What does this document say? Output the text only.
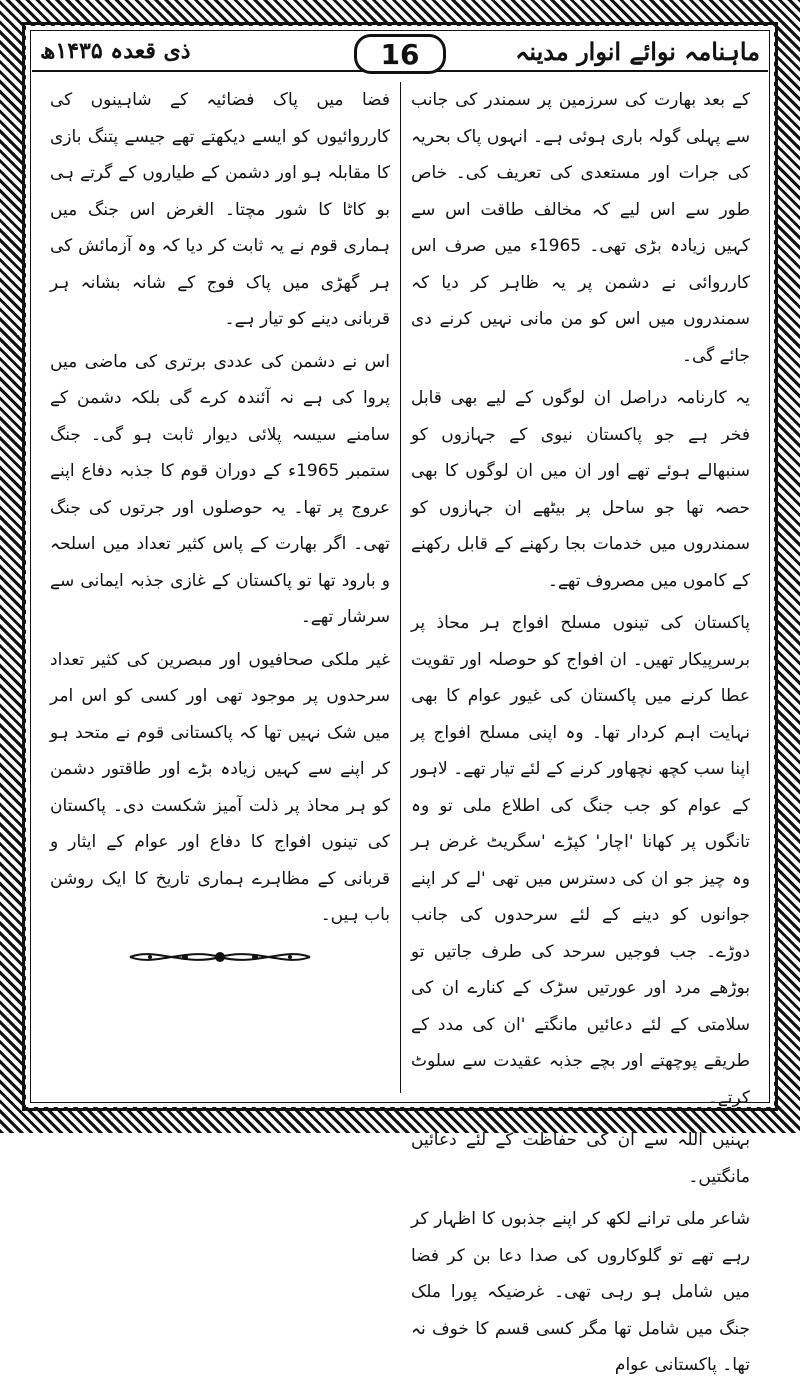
ماہنامہ نوائے انوار مدینہ
ذی قعدہ ۱۴۳۵ھ	16

کے بعد بھارت کی سرزمین پر سمندر کی جانب سے پہلی گولہ باری ہوئی ہے۔ انہوں پاک بحریہ کی جرات اور مستعدی کی تعریف کی۔ خاص طور سے اس لیے کہ مخالف طاقت اس سے کہیں زیادہ بڑی تھی۔ 1965ء میں صرف اس کارروائی نے دشمن پر یہ ظاہر کر دیا کہ سمندروں میں اس کو من مانی نہیں کرنے دی جائے گی۔

یہ کارنامہ دراصل ان لوگوں کے لیے بھی قابل فخر ہے جو پاکستان نیوی کے جہازوں کو سنبھالے ہوئے تھے اور ان میں ان لوگوں کا بھی حصہ تھا جو ساحل پر بیٹھے ان جہازوں کو سمندروں میں خدمات بجا رکھنے کے قابل رکھنے کے کاموں میں مصروف تھے۔

پاکستان کی تینوں مسلح افواج ہر محاذ پر برسرپیکار تھیں۔ ان افواج کو حوصلہ اور تقویت عطا کرنے میں پاکستان کی غیور عوام کا بھی نہایت اہم کردار تھا۔ وہ اپنی مسلح افواج پر اپنا سب کچھ نچھاور کرنے کے لئے تیار تھے۔ لاہور کے عوام کو جب جنگ کی اطلاع ملی تو وہ تانگوں پر کھانا 'اچار' کپڑے 'سگریٹ غرض ہر وہ چیز جو ان کی دسترس میں تھی 'لے کر اپنے جوانوں کو دینے کے لئے سرحدوں کی جانب دوڑے۔ جب فوجیں سرحد کی طرف جاتیں تو بوڑھے مرد اور عورتیں سڑک کے کنارے ان کی سلامتی کے لئے دعائیں مانگتے 'ان کی مدد کے طریقے پوچھتے اور بچے جذبہ عقیدت سے سلوٹ کرتے۔

بہنیں اللہ سے ان کی حفاظت کے لئے دعائیں مانگتیں۔

شاعر ملی ترانے لکھ کر اپنے جذبوں کا اظہار کر رہے تھے تو گلوکاروں کی صدا دعا بن کر فضا میں شامل ہو رہی تھی۔ غرضیکہ پورا ملک جنگ میں شامل تھا مگر کسی قسم کا خوف نہ تھا۔ پاکستانی عوام

فضا میں پاک فضائیہ کے شاہینوں کی کارروائیوں کو ایسے دیکھتے تھے جیسے پتنگ بازی کا مقابلہ ہو اور دشمن کے طیاروں کے گرتے ہی بو کاٹا کا شور مچتا۔ الغرض اس جنگ میں ہماری قوم نے یہ ثابت کر دیا کہ وہ آزمائش کی ہر گھڑی میں پاک فوج کے شانہ بشانہ ہر قربانی دینے کو تیار ہے۔

اس نے دشمن کی عددی برتری کی ماضی میں پروا کی ہے نہ آئندہ کرے گی بلکہ دشمن کے سامنے سیسہ پلائی دیوار ثابت ہو گی۔ جنگ ستمبر 1965ء کے دوران قوم کا جذبہ دفاع اپنے عروج پر تھا۔ یہ حوصلوں اور جرتوں کی جنگ تھی۔ اگر بھارت کے پاس کثیر تعداد میں اسلحہ و بارود تھا تو پاکستان کے غازی جذبہ ایمانی سے سرشار تھے۔

غیر ملکی صحافیوں اور مبصرین کی کثیر تعداد سرحدوں پر موجود تھی اور کسی کو اس امر میں شک نہیں تھا کہ پاکستانی قوم نے متحد ہو کر اپنے سے کہیں زیادہ بڑے اور طاقتور دشمن کو ہر محاذ پر ذلت آمیز شکست دی۔ پاکستان کی تینوں افواج کا دفاع اور عوام کے ایثار و قربانی کے مظاہرے ہماری تاریخ کا ایک روشن باب ہیں۔
